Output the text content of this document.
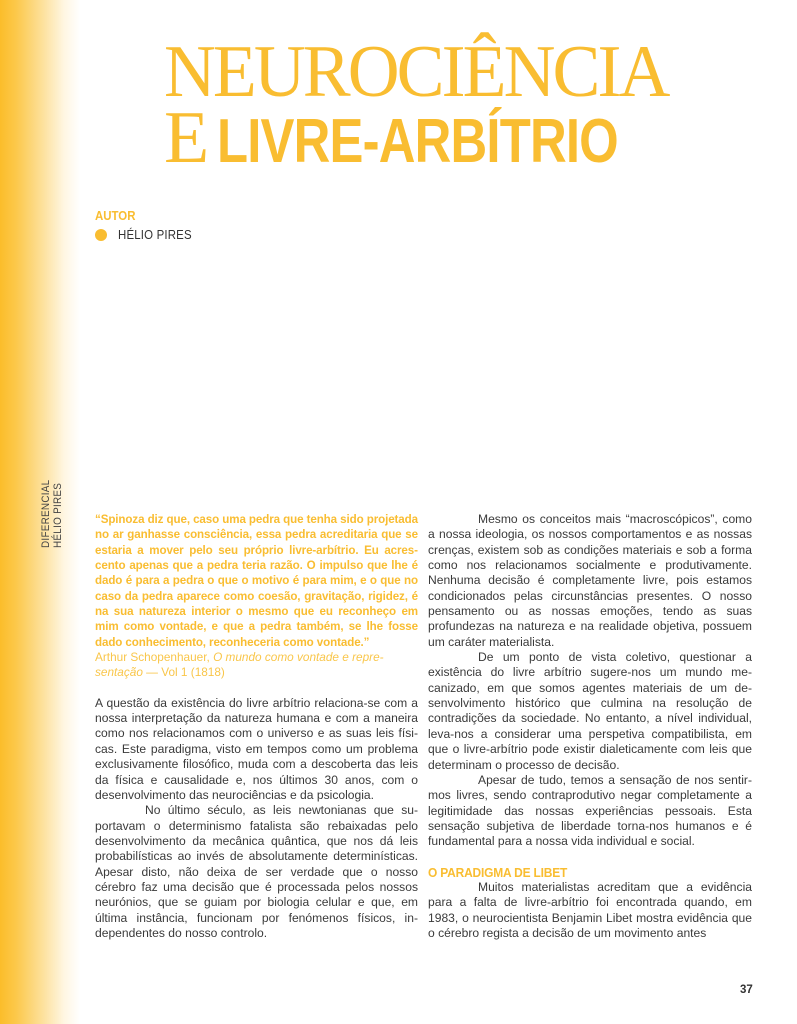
NEUROCIÊNCIA
E LIVRE-ARBÍTRIO
AUTOR
HÉLIO PIRES
DIFERENCIAL HÉLIO PIRES	“Spinoza diz que, caso uma pedra que tenha sido projetada no ar ganhasse consciência, essa pedra acreditaria que se estaria a mover pelo seu próprio livre-arbítrio. Eu acrescento apenas que a pedra teria razão. O impulso que lhe é dado é para a pedra o que o motivo é para mim, e o que no caso da pedra aparece como coesão, gravitação, rigidez, é na sua natureza interior o mesmo que eu reconheço em mim como vontade, e que a pedra também, se lhe fosse dado conhecimento, reconheceria como vontade.”

Arthur Schopenhauer, O mundo como vontade e representação — Vol 1 (1818)

A questão da existência do livre arbítrio relaciona-se com a nossa interpretação da natureza humana e com a maneira como nos relacionamos com o universo e as suas leis físicas. Este paradigma, visto em tempos como um problema exclusivamente filosófico, muda com a descoberta das leis da física e causalidade e, nos últimos 30 anos, com o desenvolvimento das neurociências e da psicologia.

No último século, as leis newtonianas que suportavam o determinismo fatalista são rebaixadas pelo desenvolvimento da mecânica quântica, que nos dá leis probabilísticas ao invés de absolutamente determinísticas. Apesar disto, não deixa de ser verdade que o nosso cérebro faz uma decisão que é processada pelos nossos neurónios, que se guiam por biologia celular e que, em última instância, funcionam por fenómenos físicos, independentes do nosso controlo.

Mesmo os conceitos mais “macroscópicos”, como a nossa ideologia, os nossos comportamentos e as nossas crenças, existem sob as condições materiais e sob a forma como nos relacionamos socialmente e produtivamente. Nenhuma decisão é completamente livre, pois estamos condicionados pelas circunstâncias presentes. O nosso pensamento ou as nossas emoções, tendo as suas profundezas na natureza e na realidade objetiva, possuem um caráter materialista.

De um ponto de vista coletivo, questionar a existência do livre arbítrio sugere-nos um mundo mecanizado, em que somos agentes materiais de um desenvolvimento histórico que culmina na resolução de contradições da sociedade. No entanto, a nível individual, leva-nos a considerar uma perspetiva compatibilista, em que o livre-arbítrio pode existir dialeticamente com leis que determinam o processo de decisão.

Apesar de tudo, temos a sensação de nos sentirmos livres, sendo contraprodutivo negar completamente a legitimidade das nossas experiências pessoais. Esta sensação subjetiva de liberdade torna-nos humanos e é fundamental para a nossa vida individual e social.

O PARADIGMA DE LIBET

Muitos materialistas acreditam que a evidência para a falta de livre-arbítrio foi encontrada quando, em 1983, o neurocientista Benjamin Libet mostra evidência que o cérebro regista a decisão de um movimento antes

37
